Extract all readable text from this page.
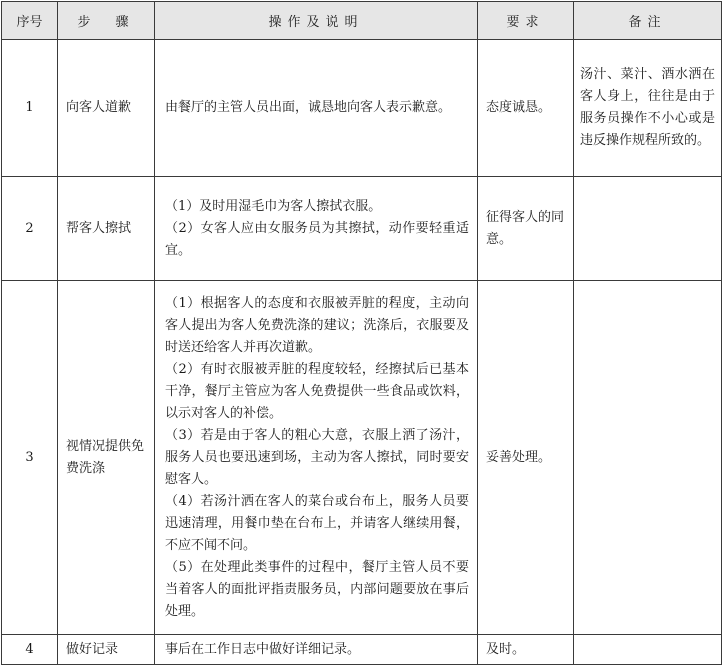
序号	步　骤	操作及说明	要求	备注
1	向客人道歉	由餐厅的主管人员出面，诚恳地向客人表示歉意。	态度诚恳。	汤汁、菜汁、酒水洒在客人身上，往往是由于服务员操作不小心或是违反操作规程所致的。
2	帮客人擦拭	（1）及时用湿毛巾为客人擦拭衣服。

（2）女客人应由女服务员为其擦拭，动作要轻重适宜。	征得客人的同意。	
3	视情况提供免费洗涤	（1）根据客人的态度和衣服被弄脏的程度，主动向客人提出为客人免费洗涤的建议；洗涤后，衣服要及时送还给客人并再次道歉。

（2）有时衣服被弄脏的程度较轻，经擦拭后已基本干净，餐厅主管应为客人免费提供一些食品或饮料，以示对客人的补偿。

（3）若是由于客人的粗心大意，衣服上洒了汤汁，服务人员也要迅速到场，主动为客人擦拭，同时要安慰客人。

（4）若汤汁洒在客人的菜台或台布上，服务人员要迅速清理，用餐巾垫在台布上，并请客人继续用餐，不应不闻不问。

（5）在处理此类事件的过程中，餐厅主管人员不要当着客人的面批评指责服务员，内部问题要放在事后处理。	妥善处理。	
4	做好记录	事后在工作日志中做好详细记录。	及时。	
